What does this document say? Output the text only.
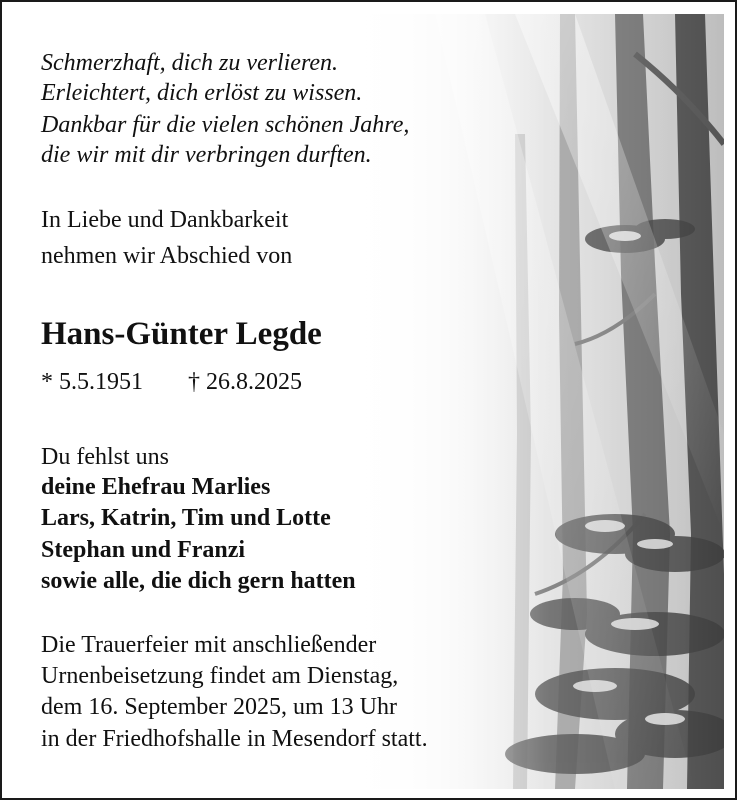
Schmerzhaft, dich zu verlieren.
Erleichtert, dich erlöst zu wissen.
Dankbar für die vielen schönen Jahre,
die wir mit dir verbringen durften.
In Liebe und Dankbarkeit
nehmen wir Abschied von
Hans-Günter Legde
* 5.5.1951 † 26.8.2025
Du fehlst uns
deine Ehefrau Marlies
Lars, Katrin, Tim und Lotte
Stephan und Franzi
sowie alle, die dich gern hatten
Die Trauerfeier mit anschließender
Urnenbeisetzung findet am Dienstag,
dem 16. September 2025, um 13 Uhr
in der Friedhofshalle in Mesendorf statt.
